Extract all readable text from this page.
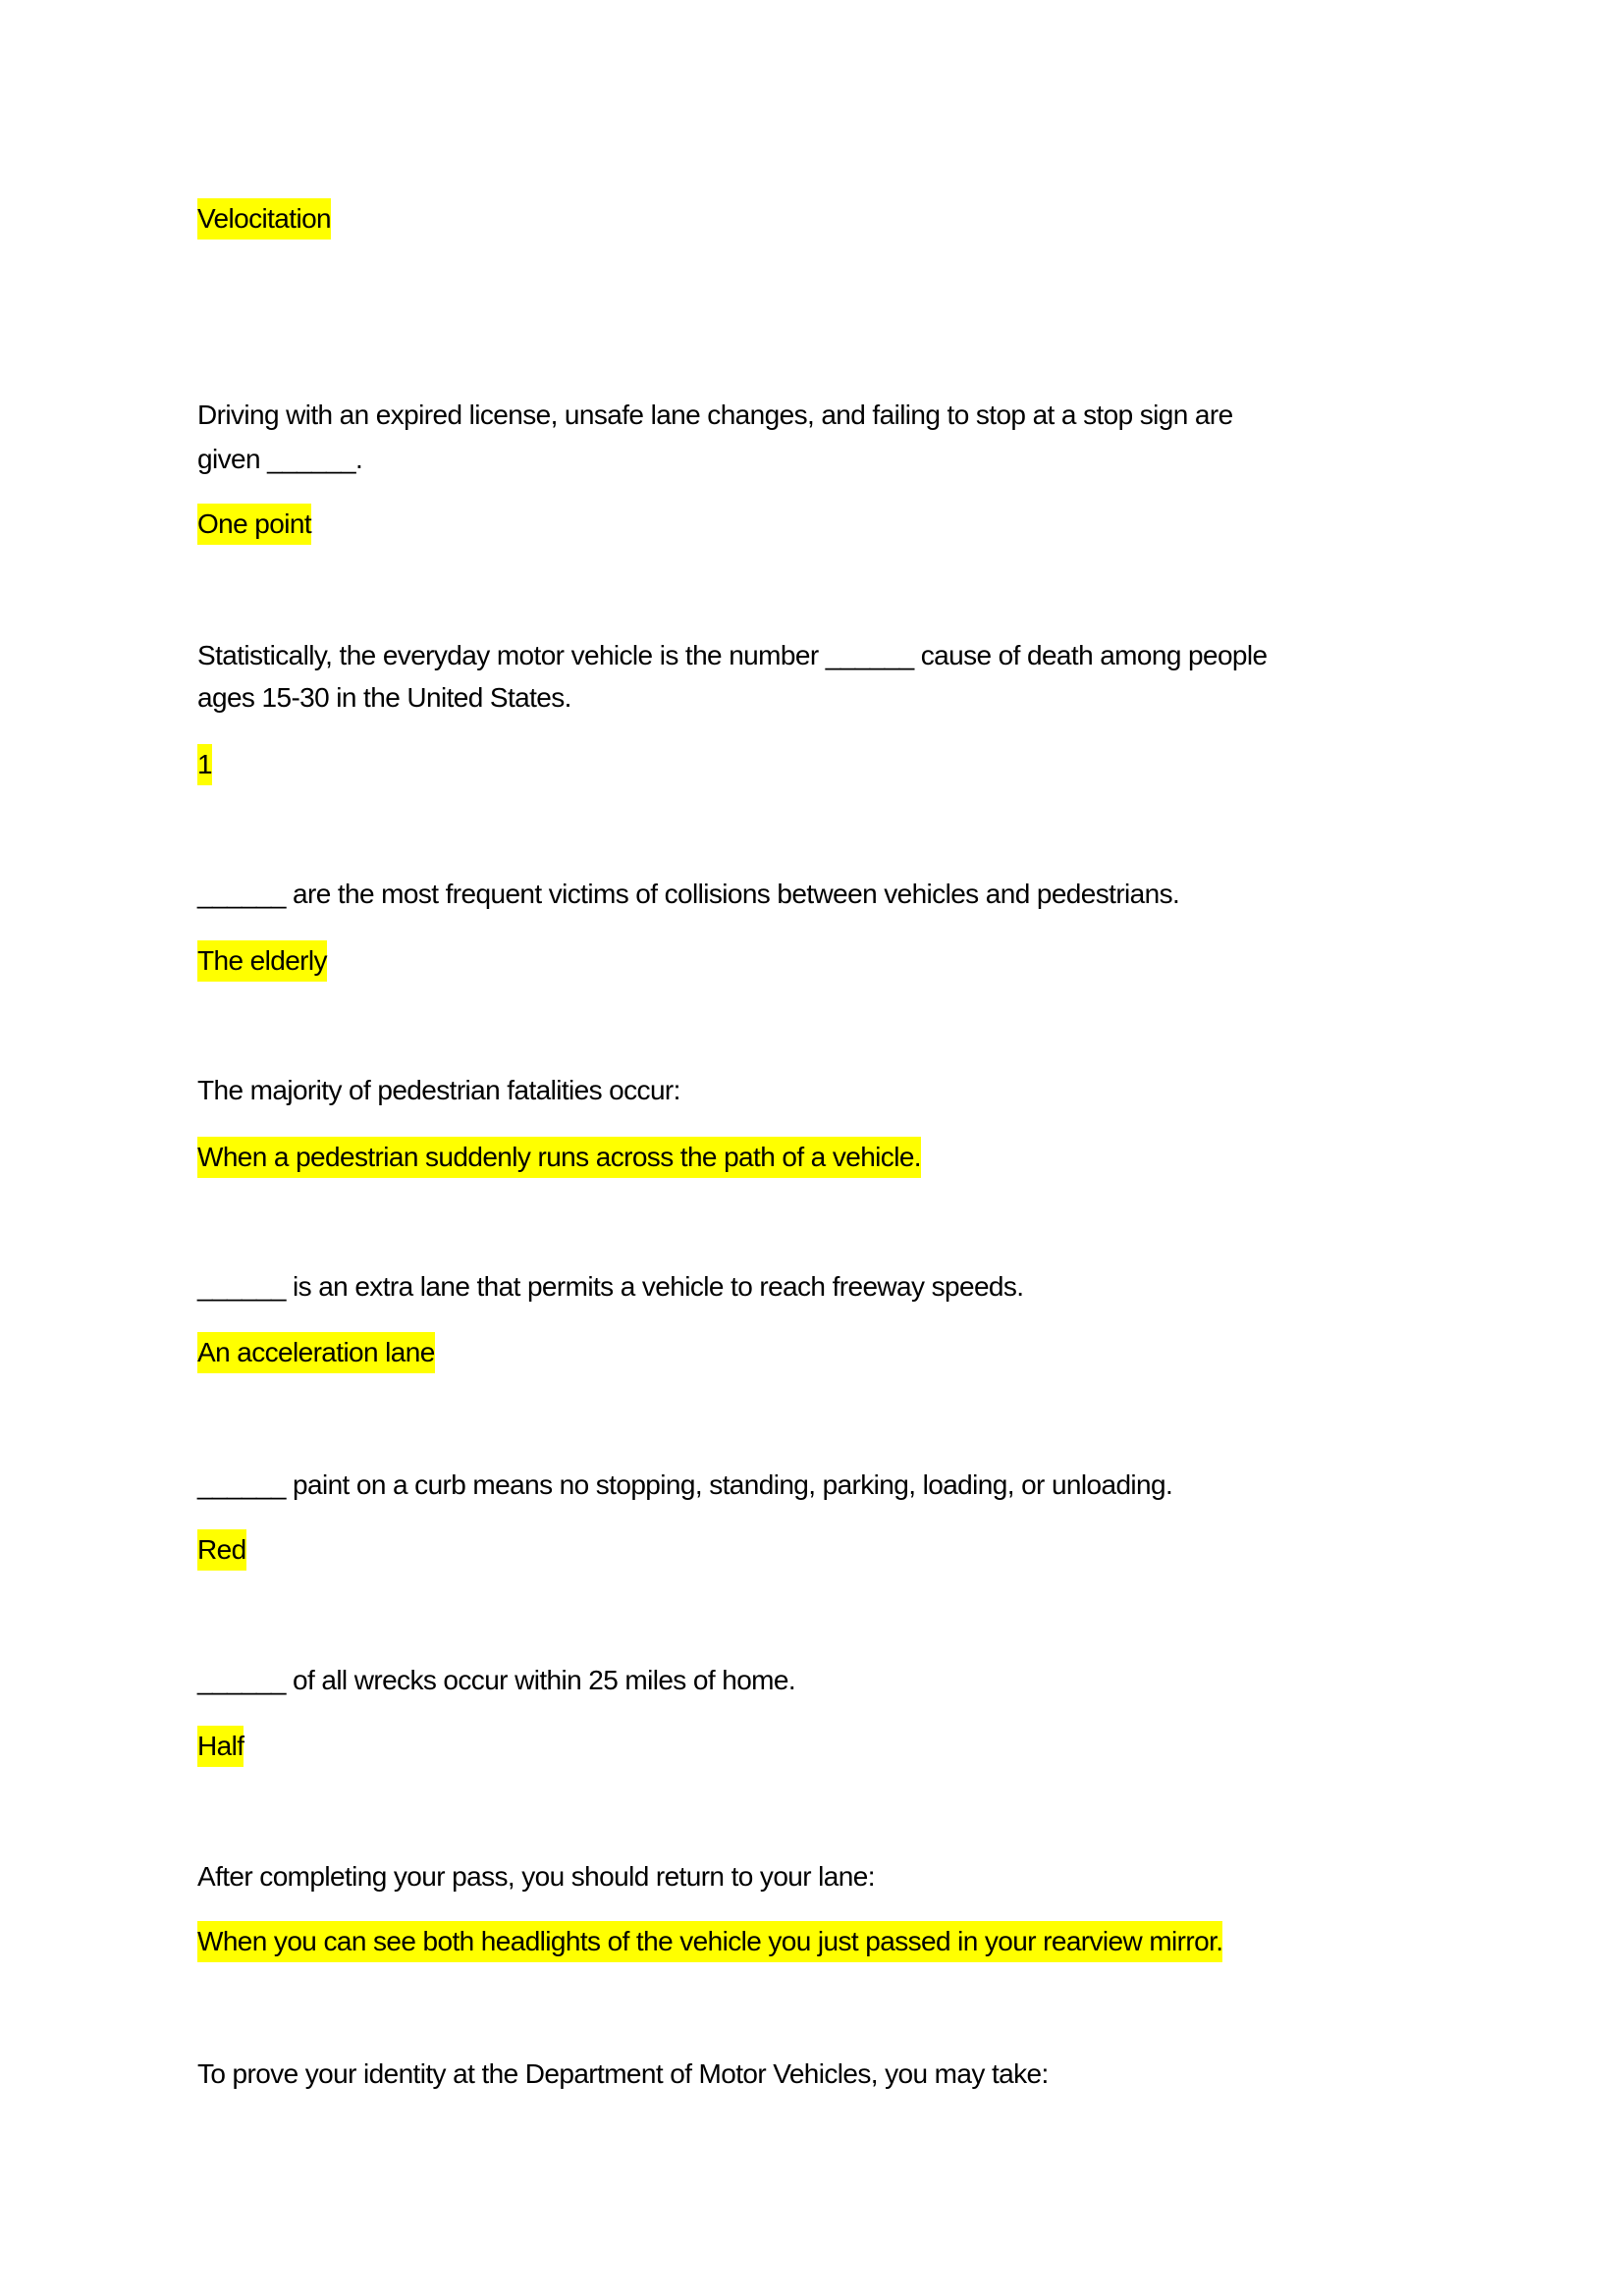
Velocitation
Driving with an expired license, unsafe lane changes, and failing to stop at a stop sign are
given ______.
One point
Statistically, the everyday motor vehicle is the number ______ cause of death among people
ages 15-30 in the United States.
1
______ are the most frequent victims of collisions between vehicles and pedestrians.
The elderly
The majority of pedestrian fatalities occur:
When a pedestrian suddenly runs across the path of a vehicle.
______ is an extra lane that permits a vehicle to reach freeway speeds.
An acceleration lane
______ paint on a curb means no stopping, standing, parking, loading, or unloading.
Red
______ of all wrecks occur within 25 miles of home.
Half
After completing your pass, you should return to your lane:
When you can see both headlights of the vehicle you just passed in your rearview mirror.
To prove your identity at the Department of Motor Vehicles, you may take:
